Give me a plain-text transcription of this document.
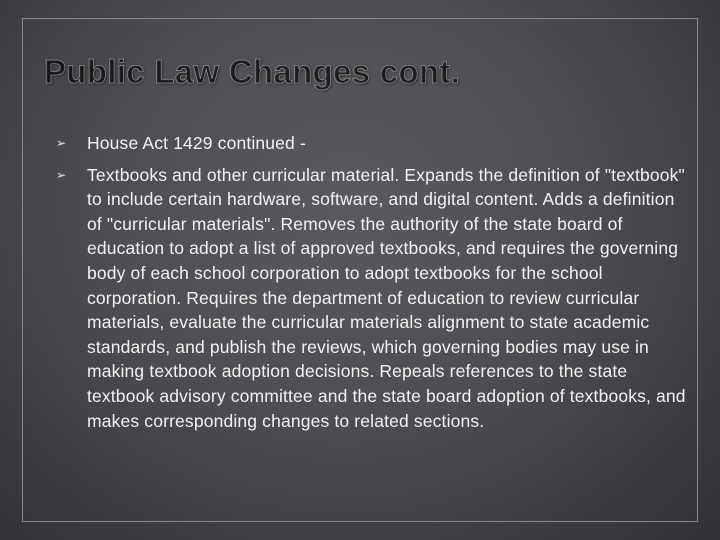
Public Law Changes cont.
➢	House Act 1429 continued -
➢	Textbooks and other curricular material. Expands the definition of "textbook" to include certain hardware, software, and digital content. Adds a definition of "curricular materials". Removes the authority of the state board of education to adopt a list of approved textbooks, and requires the governing body of each school corporation to adopt textbooks for the school corporation. Requires the department of education to review curricular materials, evaluate the curricular materials alignment to state academic standards, and publish the reviews, which governing bodies may use in making textbook adoption decisions. Repeals references to the state textbook advisory committee and the state board adoption of textbooks, and makes corresponding changes to related sections.
